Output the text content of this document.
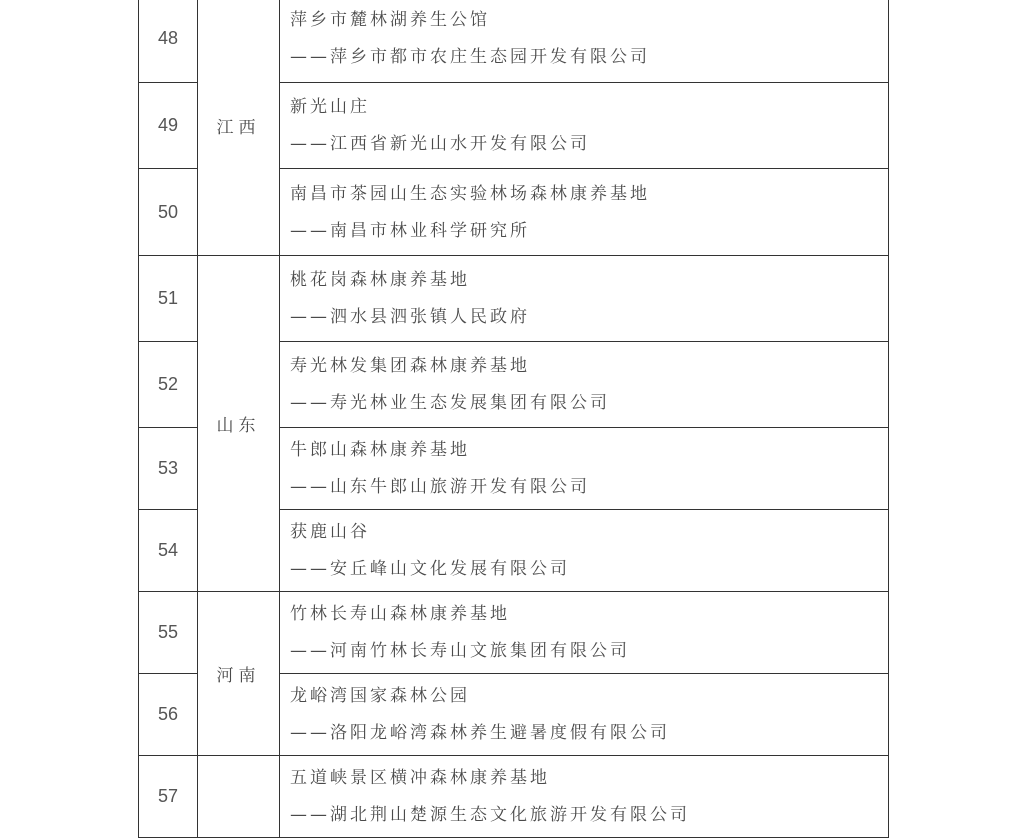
48	江西	萍乡市麓林湖养生公馆
——萍乡市都市农庄生态园开发有限公司

49		新光山庄
——江西省新光山水开发有限公司

50		南昌市茶园山生态实验林场森林康养基地
——南昌市林业科学研究所

51	山东	桃花岗森林康养基地
——泗水县泗张镇人民政府

52		寿光林发集团森林康养基地
——寿光林业生态发展集团有限公司

53		牛郎山森林康养基地
——山东牛郎山旅游开发有限公司

54		获鹿山谷
——安丘峰山文化发展有限公司

55	河南	竹林长寿山森林康养基地
——河南竹林长寿山文旅集团有限公司

56		龙峪湾国家森林公园
——洛阳龙峪湾森林养生避暑度假有限公司

57		五道峡景区横冲森林康养基地
——湖北荆山楚源生态文化旅游开发有限公司
